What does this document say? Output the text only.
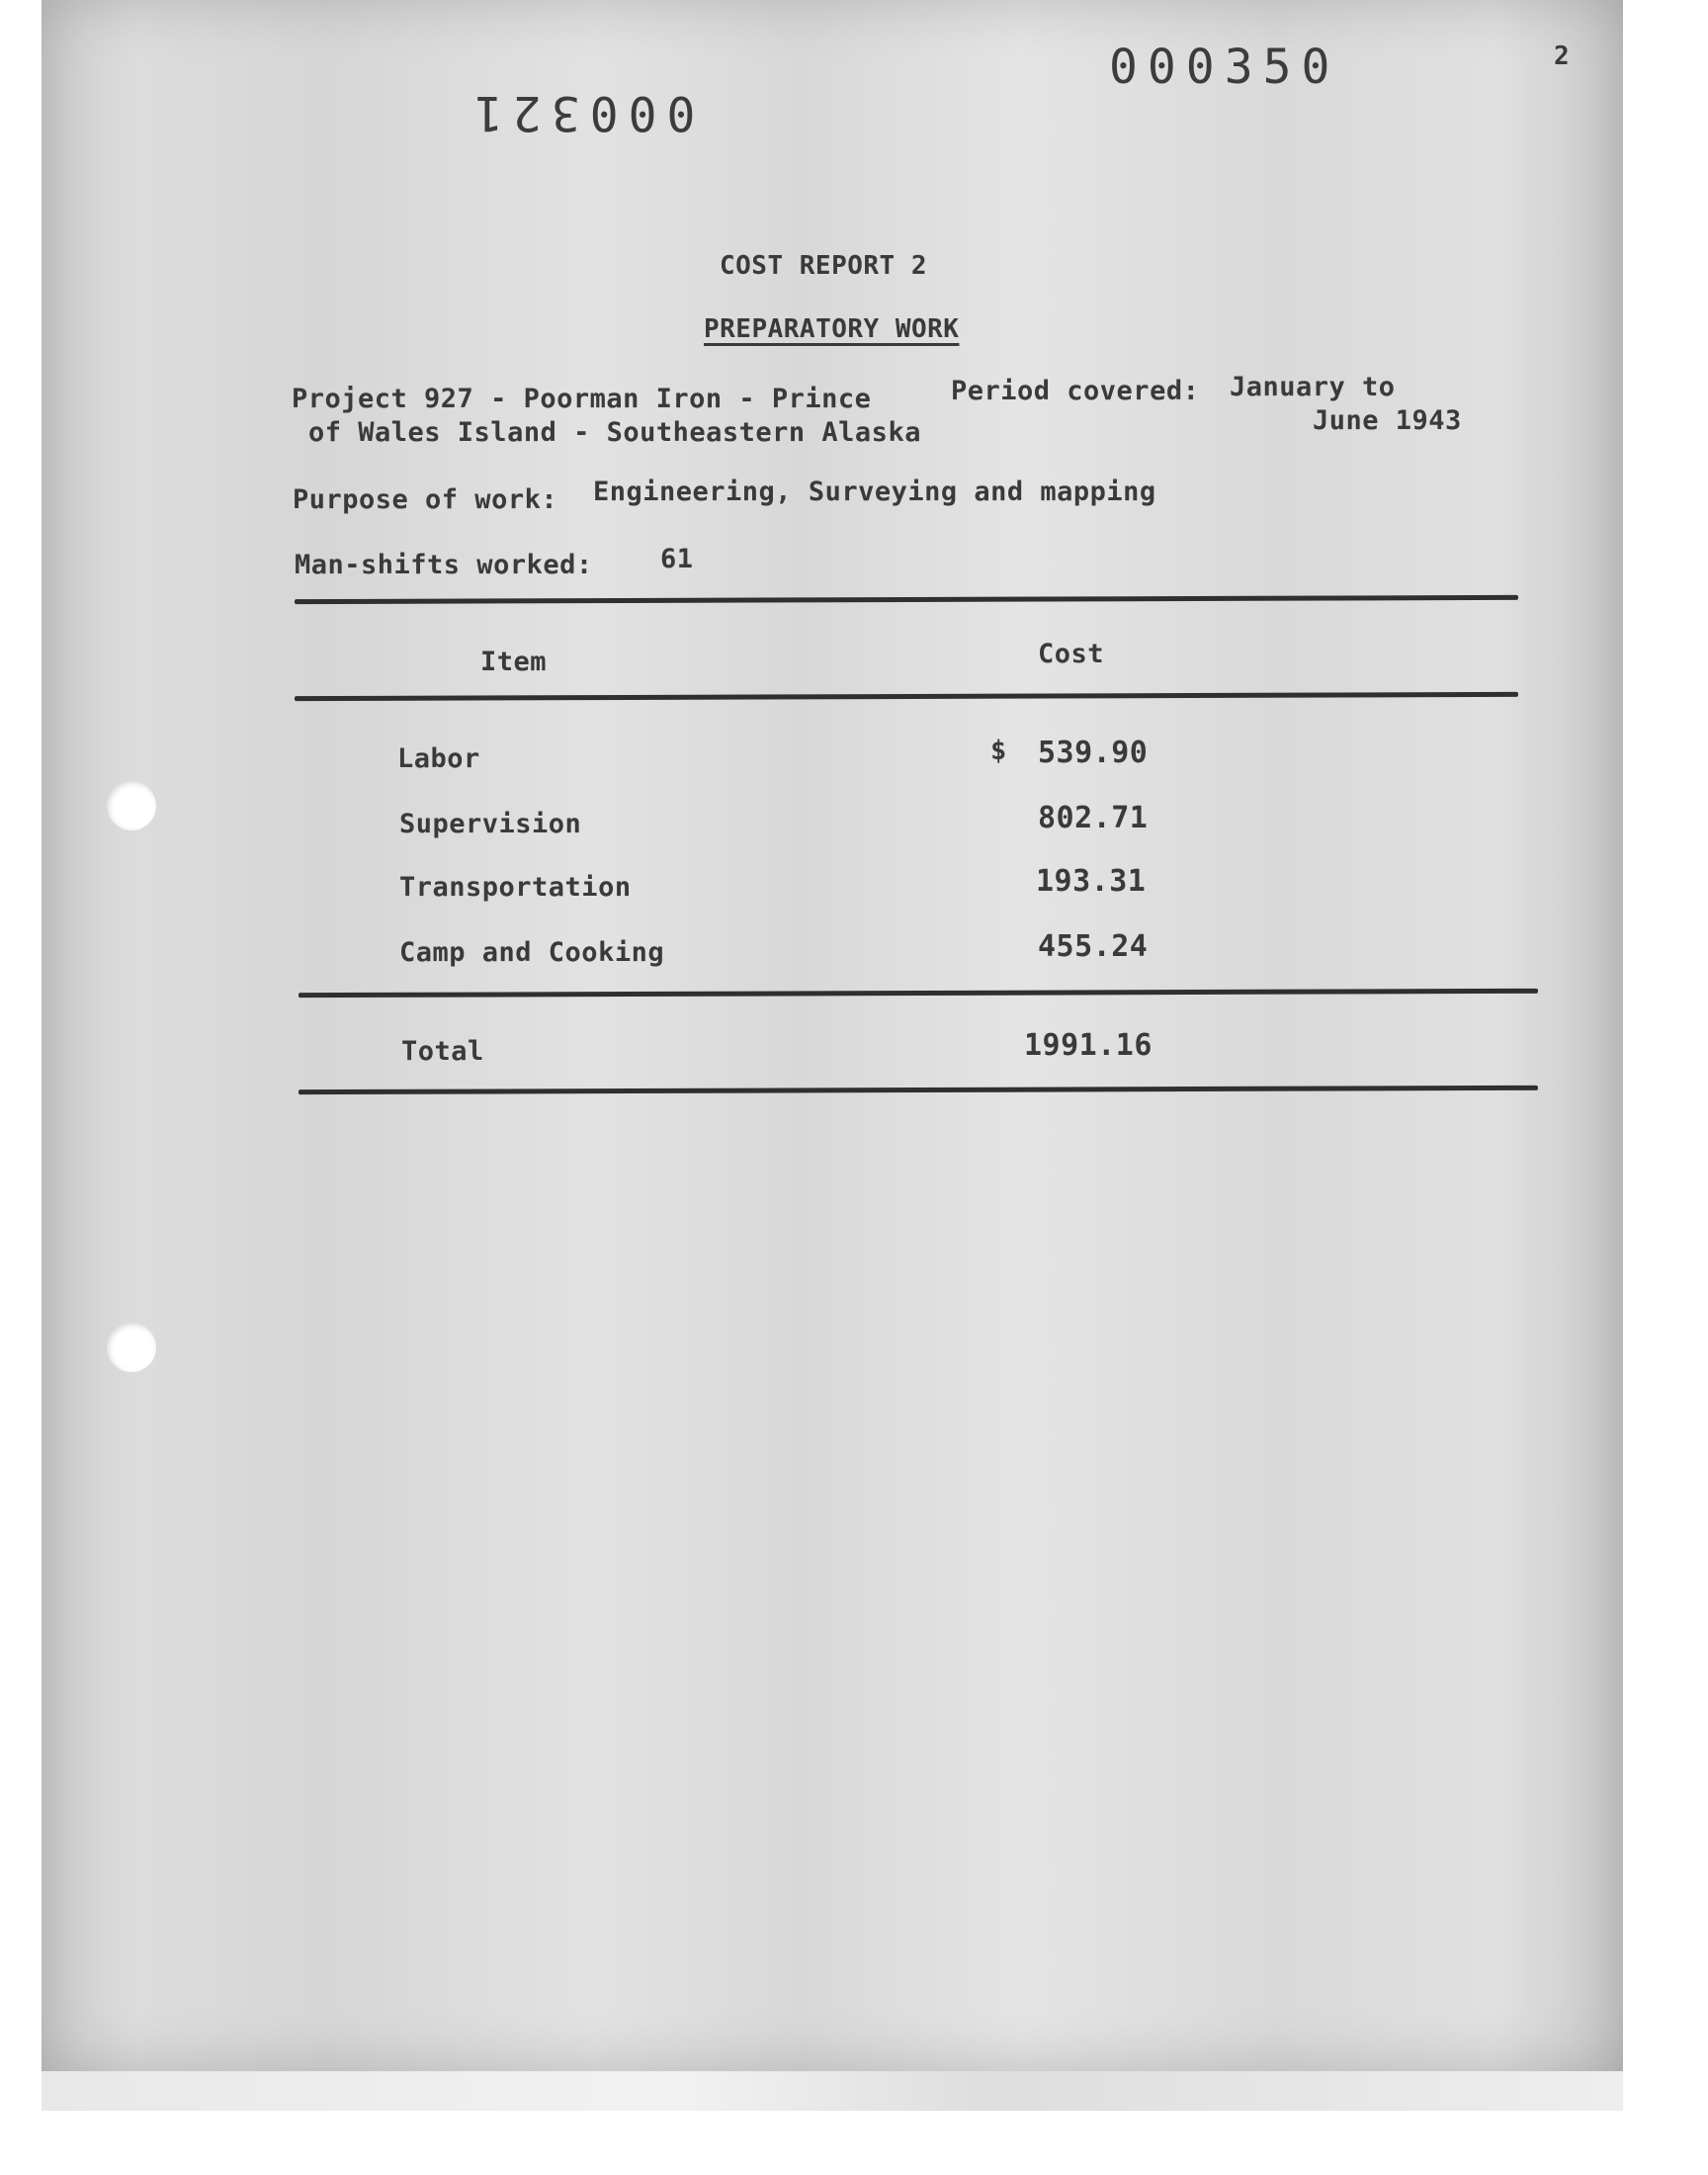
2
000350
000321
COST REPORT 2
PREPARATORY WORK
Project 927 - Poorman Iron - Prince
of Wales Island - Southeastern Alaska
Period covered: January to
June 1943
Purpose of work: Engineering, Surveying and mapping
Man-shifts worked:	61
Item	Cost
Labor	$ 539.90
Supervision	802.71
Transportation	193.31
Camp and Cooking	455.24
Total	1991.16
